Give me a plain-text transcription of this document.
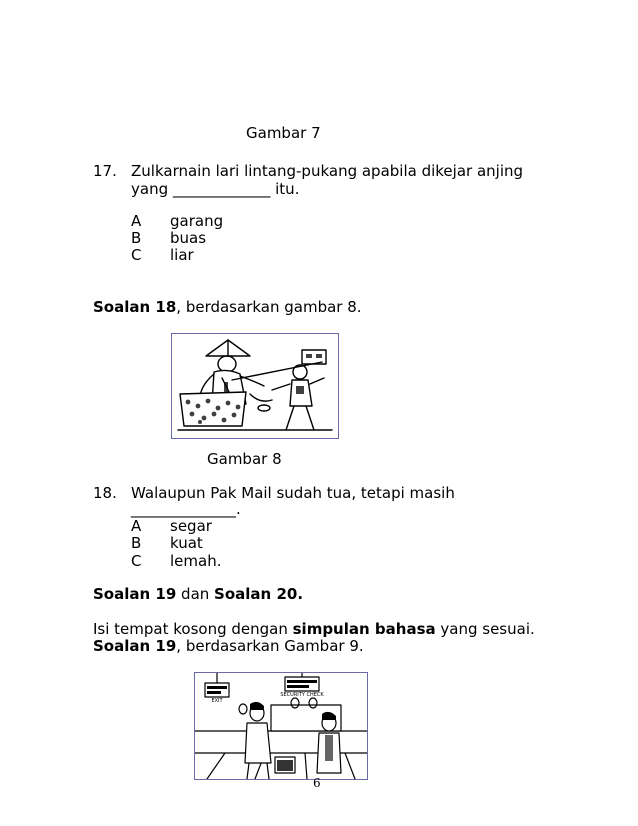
Gambar 7
17. Zulkarnain lari lintang-pukang apabila dikejar anjing
yang _____________ itu.
A garang
B buas
C liar
Soalan 18, berdasarkan gambar 8.
Gambar 8
18. Walaupun Pak Mail sudah tua, tetapi masih
______________.
A segar
B kuat
C lemah.
Soalan 19 dan Soalan 20.
Isi tempat kosong dengan simpulan bahasa yang sesuai.
Soalan 19, berdasarkan Gambar 9.
EXIT
SECURITY CHECK
6
